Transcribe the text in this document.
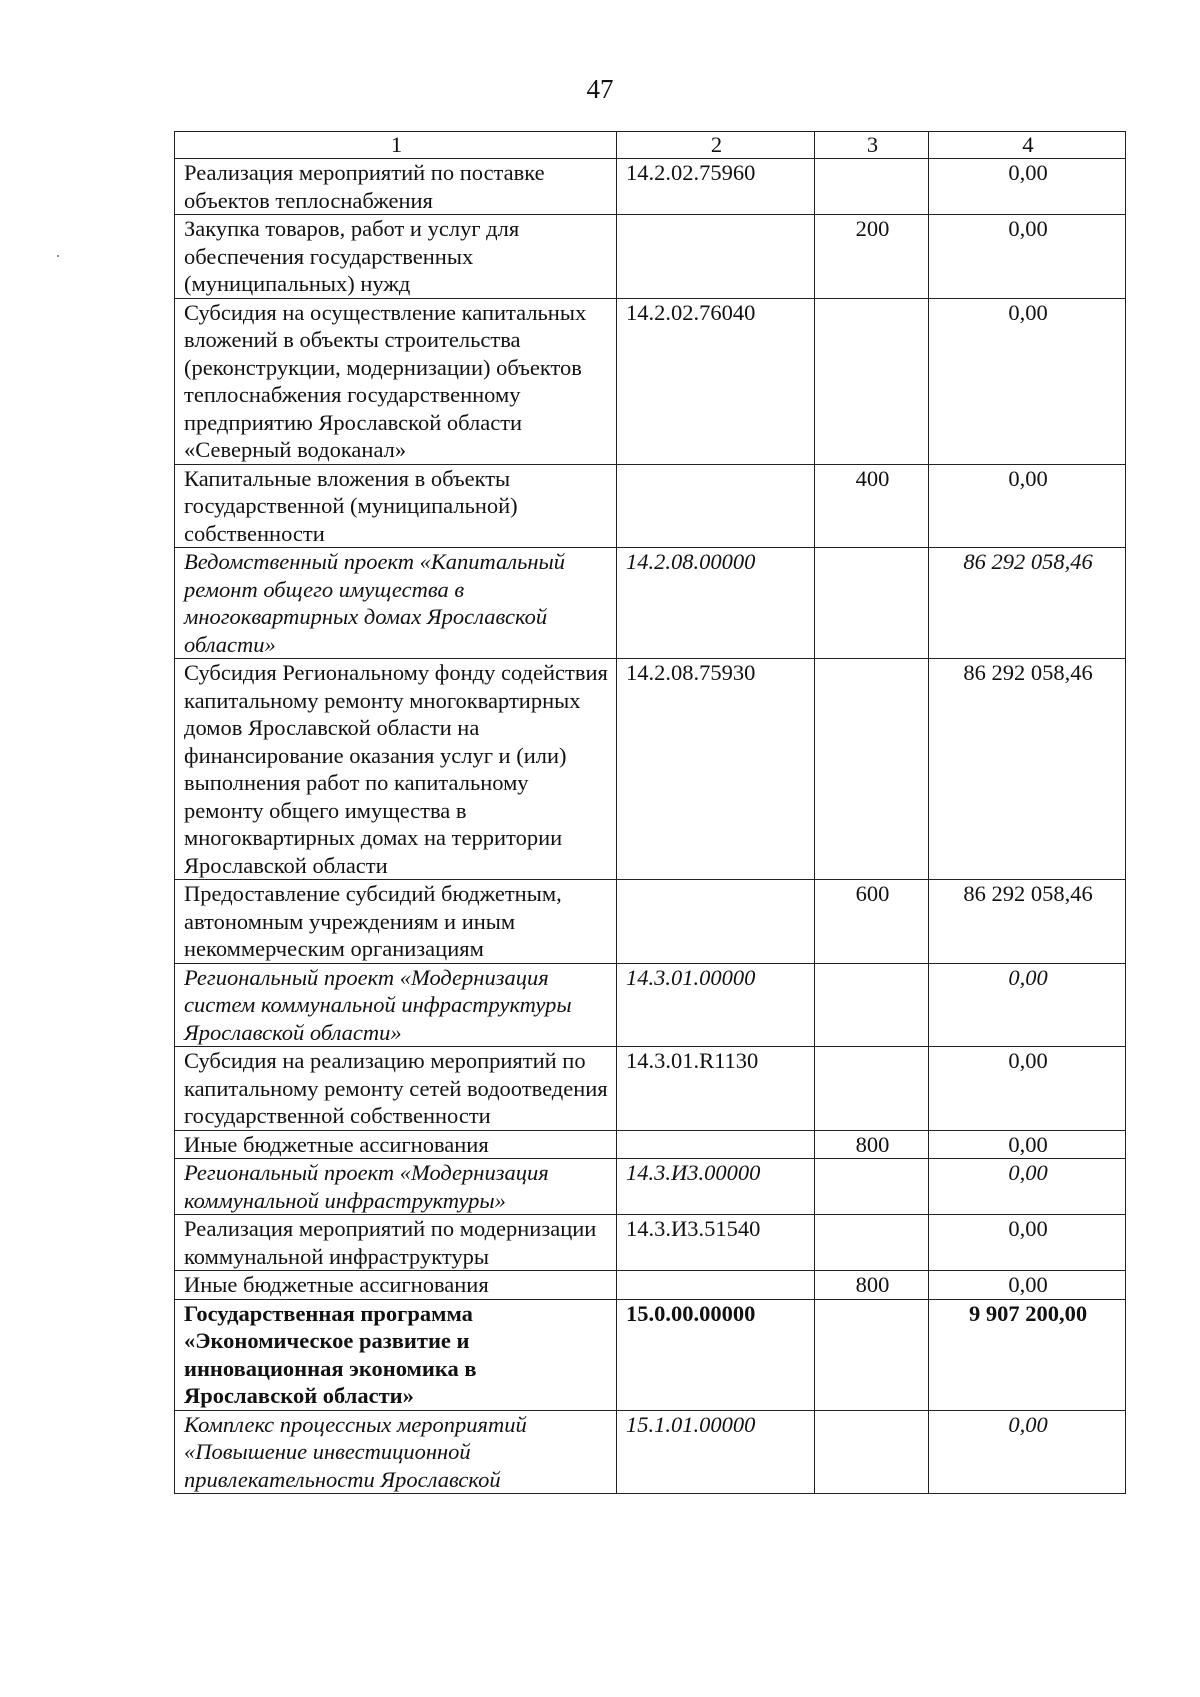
47
1	2	3	4
Реализация мероприятий по поставке объектов теплоснабжения	14.2.02.75960		0,00
Закупка товаров, работ и услуг для обеспечения государственных (муниципальных) нужд		200	0,00
Субсидия на осуществление капитальных вложений в объекты строительства (реконструкции, модернизации) объектов теплоснабжения государственному предприятию Ярославской области «Северный водоканал»	14.2.02.76040		0,00
Капитальные вложения в объекты государственной (муниципальной) собственности		400	0,00
Ведомственный проект «Капитальный ремонт общего имущества в многоквартирных домах Ярославской области»	14.2.08.00000		86 292 058,46
Субсидия Региональному фонду содействия капитальному ремонту многоквартирных домов Ярославской области на финансирование оказания услуг и (или) выполнения работ по капитальному ремонту общего имущества в многоквартирных домах на территории Ярославской области	14.2.08.75930		86 292 058,46
Предоставление субсидий бюджетным, автономным учреждениям и иным некоммерческим организациям		600	86 292 058,46
Региональный проект «Модернизация систем коммунальной инфраструктуры Ярославской области»	14.3.01.00000		0,00
Субсидия на реализацию мероприятий по капитальному ремонту сетей водоотведения государственной собственности	14.3.01.R1130		0,00
Иные бюджетные ассигнования		800	0,00
Региональный проект «Модернизация коммунальной инфраструктуры»	14.3.И3.00000		0,00
Реализация мероприятий по модернизации коммунальной инфраструктуры	14.3.И3.51540		0,00
Иные бюджетные ассигнования		800	0,00
Государственная программа «Экономическое развитие и инновационная экономика в Ярославской области»	15.0.00.00000		9 907 200,00
Комплекс процессных мероприятий «Повышение инвестиционной привлекательности Ярославской	15.1.01.00000		0,00
